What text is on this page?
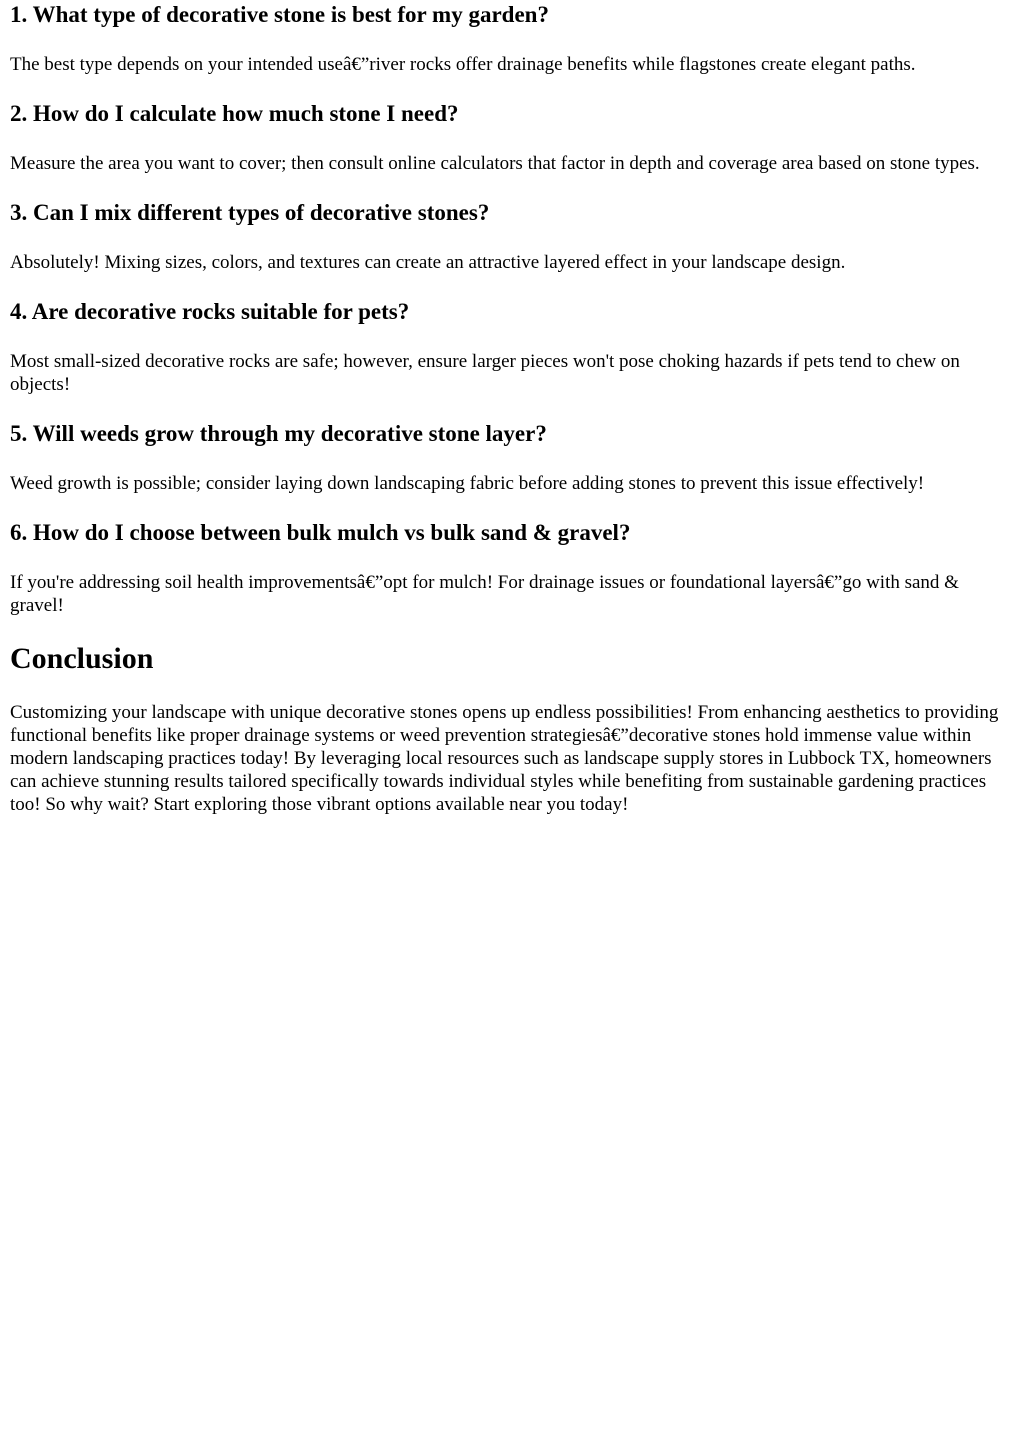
1. What type of decorative stone is best for my garden?

The best type depends on your intended useâ€”river rocks offer drainage benefits while flagstones create elegant paths.

2. How do I calculate how much stone I need?

Measure the area you want to cover; then consult online calculators that factor in depth and coverage area based on stone types.

3. Can I mix different types of decorative stones?

Absolutely! Mixing sizes, colors, and textures can create an attractive layered effect in your landscape design.

4. Are decorative rocks suitable for pets?

Most small-sized decorative rocks are safe; however, ensure larger pieces won't pose choking hazards if pets tend to chew on objects!

5. Will weeds grow through my decorative stone layer?

Weed growth is possible; consider laying down landscaping fabric before adding stones to prevent this issue effectively!

6. How do I choose between bulk mulch vs bulk sand & gravel?

If you're addressing soil health improvementsâ€”opt for mulch! For drainage issues or foundational layersâ€”go with sand & gravel!

Conclusion

Customizing your landscape with unique decorative stones opens up endless possibilities! From enhancing aesthetics to providing functional benefits like proper drainage systems or weed prevention strategiesâ€”decorative stones hold immense value within modern landscaping practices today! By leveraging local resources such as landscape supply stores in Lubbock TX, homeowners can achieve stunning results tailored specifically towards individual styles while benefiting from sustainable gardening practices too! So why wait? Start exploring those vibrant options available near you today!
